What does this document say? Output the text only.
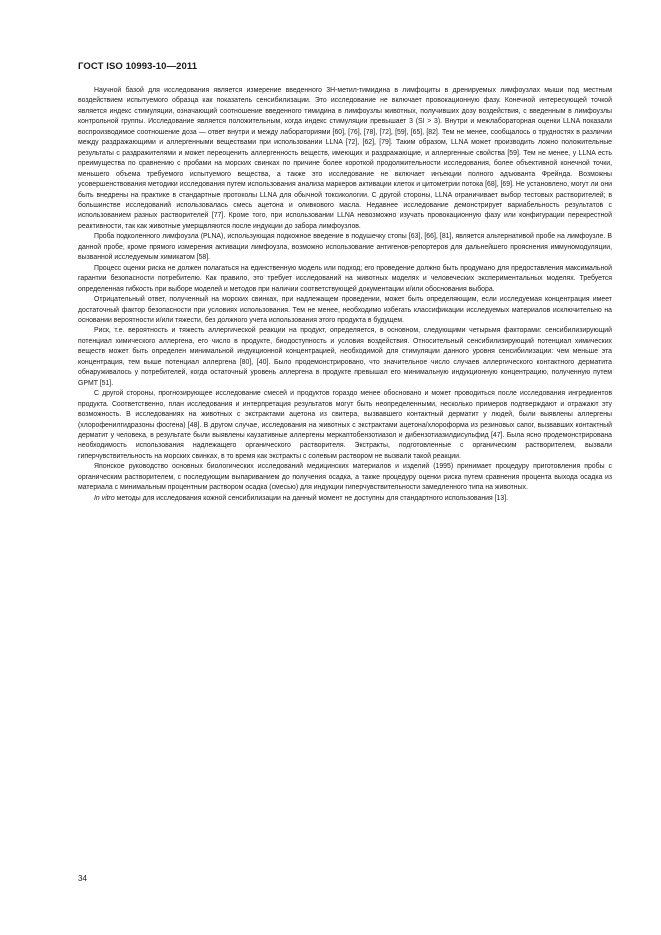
ГОСТ ISO 10993-10—2011

Научной базой для исследования является измерение введенного 3Н-метил-тимидина в лимфоциты в дренируемых лимфоузлах мыши под местным воздействием испытуемого образца как показатель сенсибилизации. Это исследование не включает провокационную фазу. Конечной интересующей точкой является индекс стимуляции, означающий соотношение введенного тимидина в лимфоузлы животных, получивших дозу воздействия, с введенным в лимфоузлы контрольной группы. Исследование является положительным, когда индекс стимуляции превышает 3 (SI > 3). Внутри и межлабораторная оценки LLNA показали воспроизводимое соотношение доза — ответ внутри и между лабораториями [60], [76], [78], [72], [59], [65], [82]. Тем не менее, сообщалось о трудностях в различии между раздражающими и аллергенными веществами при использовании LLNA [72], [62], [79]. Таким образом, LLNA может производить ложно положительные результаты с раздражителями и может переоценить аллергенность веществ, имеющих и раздражающие, и аллергенные свойства [59]. Тем не менее, у LLNA есть преимущества по сравнению с пробами на морских свинках по причине более короткой продолжительности исследования, более объективной конечной точки, меньшего объема требуемого испытуемого вещества, а также это исследование не включает инъекции полного адъюванта Фрейнда. Возможны усовершенствования методики исследования путем использования анализа маркеров активации клеток и цитометрии потока [68], [69]. Не установлено, могут ли они быть внедрены на практике в стандартные протоколы LLNA для обычной токсикологии. С другой стороны, LLNA ограничивает выбор тестовых растворителей; в большинстве исследований использовалась смесь ацетона и оливкового масла. Недавнее исследование демонстрирует вариабельность результатов с использованием разных растворителей [77]. Кроме того, при использовании LLNA невозможно изучать провокационную фазу или конфигурации перекрестной реактивности, так как животные умерщвляются после индукции до забора лимфоузлов.

Проба подколенного лимфоузла (PLNA), использующая подкожное введение в подушечку стопы [63], [66], [81], является альтернативой пробе на лимфоузле. В данной пробе, кроме прямого измерения активации лимфоузла, возможно использование антигенов-репортеров для дальнейшего прояснения иммуномодуляции, вызванной исследуемым химикатом [58].

Процесс оценки риска не должен полагаться на единственную модель или подход; его проведение должно быть продумано для предоставления максимальной гарантии безопасности потребителю. Как правило, это требует исследований на животных моделях и человеческих экспериментальных моделях. Требуется определенная гибкость при выборе моделей и методов при наличии соответствующей документации и/или обоснования выбора.

Отрицательный ответ, полученный на морских свинках, при надлежащем проведении, может быть определяющим, если исследуемая концентрация имеет достаточный фактор безопасности при условиях использования. Тем не менее, необходимо избегать классификации исследуемых материалов исключительно на основании вероятности и/или тяжести, без должного учета использования этого продукта в будущем.

Риск, т.е. вероятность и тяжесть аллергической реакции на продукт, определяется, в основном, следующими четырьмя факторами: сенсибилизирующий потенциал химического аллергена, его число в продукте, биодоступность и условия воздействия. Относительный сенсибилизирующий потенциал химических веществ может быть определен минимальной индукционной концентрацией, необходимой для стимуляции данного уровня сенсибилизации: чем меньше эта концентрация, тем выше потенциал аллергена [80], [40]. Было продемонстрировано, что значительное число случаев аллергического контактного дерматита обнаруживалось у потребителей, когда остаточный уровень аллергена в продукте превышал его минимальную индукционную концентрацию, полученную путем GPMT [51].

С другой стороны, прогнозирующее исследование смесей и продуктов гораздо менее обосновано и может проводиться после исследования ингредиентов продукта. Соответственно, план исследования и интерпретация результатов могут быть неопределенными, несколько примеров подтверждают и отражают эту возможность. В исследованиях на животных с экстрактами ацетона из свитера, вызвавшего контактный дерматит у людей, были выявлены аллергены (хлорофенилгидразоны фосгена) [48]. В другом случае, исследования на животных с экстрактами ацетона/хлороформа из резиновых сапог, вызвавших контактный дерматит у человека, в результате были выявлены каузативные аллергены меркаптобензотиазол и дибензотиазилдисульфид [47]. Была ясно продемонстрирована необходимость использования надлежащего органического растворителя. Экстракты, подготовленные с органическим растворителем, вызвали гиперчувствительность на морских свинках, в то время как экстракты с солевым раствором не вызвали такой реакции.

Японское руководство основных биологических исследований медицинских материалов и изделий (1995) принимает процедуру приготовления пробы с органическим растворителем, с последующим выпариванием до получения осадка, а также процедуру оценки риска путем сравнения процента выхода осадка из материала с минимальным процентным раствором осадка (смесью) для индукции гиперчувствительности замедленного типа на животных.

In vitro методы для исследования кожной сенсибилизации на данный момент не доступны для стандартного использования [13].

34
